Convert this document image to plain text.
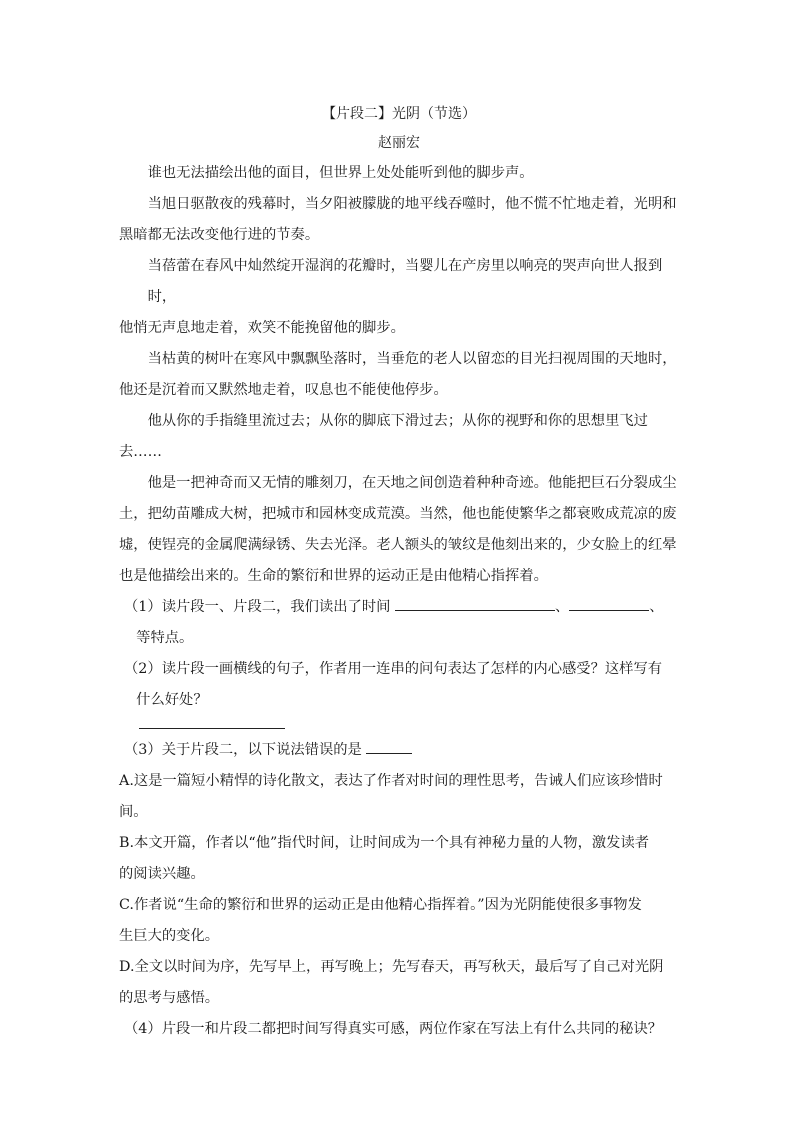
【片段二】光阴（节选）

赵丽宏

谁也无法描绘出他的面目，但世界上处处能听到他的脚步声。

当旭日驱散夜的残幕时，当夕阳被朦胧的地平线吞噬时，他不慌不忙地走着，光明和
黑暗都无法改变他行进的节奏。

当蓓蕾在春风中灿然绽开湿润的花瓣时，当婴儿在产房里以响亮的哭声向世人报到时，
他悄无声息地走着，欢笑不能挽留他的脚步。

当枯黄的树叶在寒风中飘飘坠落时，当垂危的老人以留恋的目光扫视周围的天地时，
他还是沉着而又默然地走着，叹息也不能使他停步。

他从你的手指缝里流过去；从你的脚底下滑过去；从你的视野和你的思想里飞过
去……

他是一把神奇而又无情的雕刻刀，在天地之间创造着种种奇迹。他能把巨石分裂成尘
土，把幼苗雕成大树，把城市和园林变成荒漠。当然，他也能使繁华之都衰败成荒凉的废
墟，使锃亮的金属爬满绿锈、失去光泽。老人额头的皱纹是他刻出来的，少女脸上的红晕
也是他描绘出来的。生命的繁衍和世界的运动正是由他精心指挥着。

（1）读片段一、片段二，我们读出了时间	、	、
等特点。
（2）读片段一画横线的句子，作者用一连串的问句表达了怎样的内心感受？这样写有
什么好处？
（3）关于片段二，以下说法错误的是
A.这是一篇短小精悍的诗化散文，表达了作者对时间的理性思考，告诫人们应该珍惜时
间。
B.本文开篇，作者以“他”指代时间，让时间成为一个具有神秘力量的人物，激发读者
的阅读兴趣。
C.作者说“生命的繁衍和世界的运动正是由他精心指挥着。”因为光阴能使很多事物发
生巨大的变化。
D.全文以时间为序，先写早上，再写晚上；先写春天，再写秋天，最后写了自己对光阴
的思考与感悟。
（4）片段一和片段二都把时间写得真实可感，两位作家在写法上有什么共同的秘诀？
